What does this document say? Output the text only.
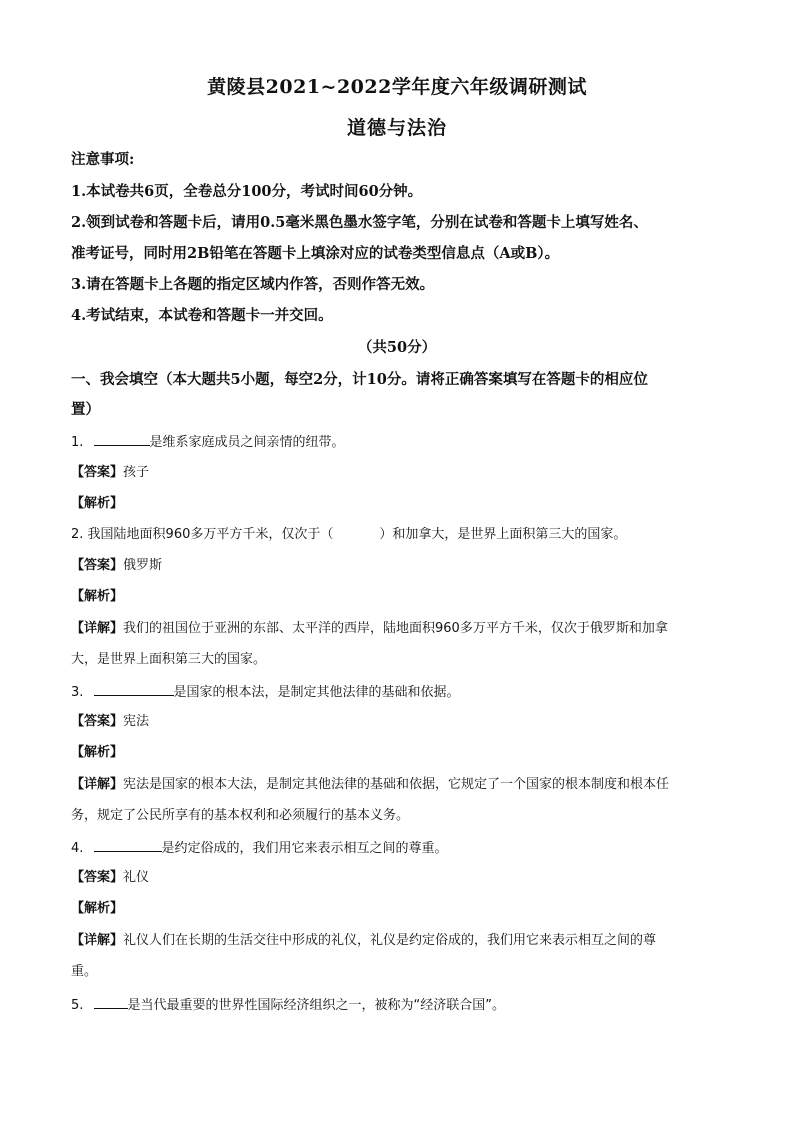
黄陵县2021~2022学年度六年级调研测试
道德与法治
注意事项:
1.本试卷共6页，全卷总分100分，考试时间60分钟。
2.领到试卷和答题卡后，请用0.5毫米黑色墨水签字笔，分别在试卷和答题卡上填写姓名、
准考证号，同时用2B铅笔在答题卡上填涂对应的试卷类型信息点（A或B）。
3.请在答题卡上各题的指定区域内作答，否则作答无效。
4.考试结束，本试卷和答题卡一并交回。
（共50分）
一、我会填空（本大题共5小题，每空2分，计10分。请将正确答案填写在答题卡的相应位
置）
1.	是维系家庭成员之间亲情的纽带。
【答案】孩子
【解析】
2. 我国陆地面积960多万平方千米，仅次于（	）和加拿大，是世界上面积第三大的国家。
【答案】俄罗斯
【解析】
【详解】我们的祖国位于亚洲的东部、太平洋的西岸，陆地面积960多万平方千米，仅次于俄罗斯和加拿
大，是世界上面积第三大的国家。
3.	是国家的根本法，是制定其他法律的基础和依据。
【答案】宪法
【解析】
【详解】宪法是国家的根本大法，是制定其他法律的基础和依据，它规定了一个国家的根本制度和根本任
务，规定了公民所享有的基本权利和必须履行的基本义务。
4.	是约定俗成的，我们用它来表示相互之间的尊重。
【答案】礼仪
【解析】
【详解】礼仪人们在长期的生活交往中形成的礼仪，礼仪是约定俗成的，我们用它来表示相互之间的尊
重。
5.	是当代最重要的世界性国际经济组织之一，被称为“经济联合国”。
